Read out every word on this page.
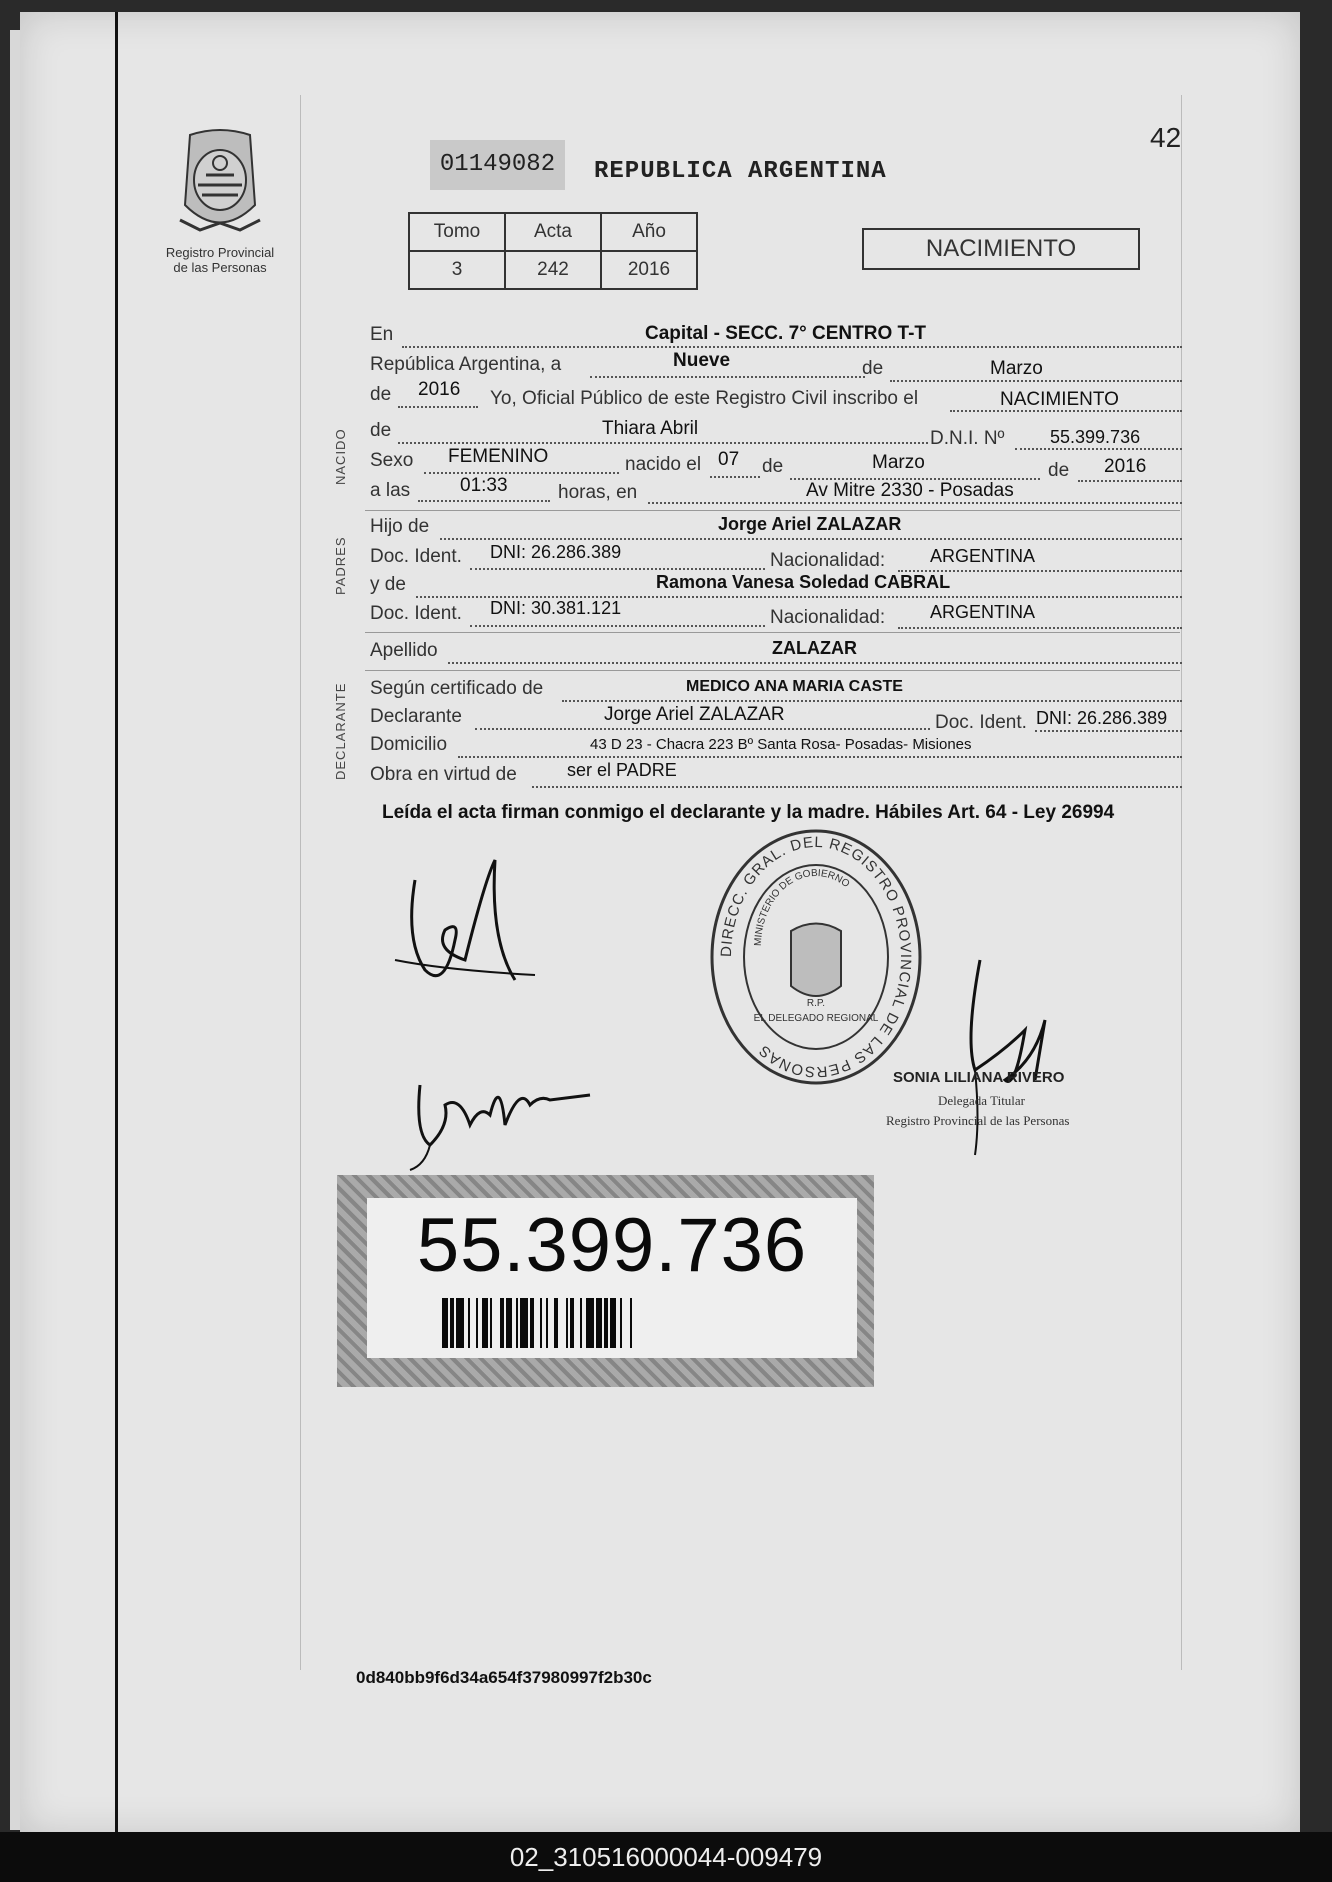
Registro Provincial
de las Personas
42
01149082	REPUBLICA ARGENTINA
Tomo	Acta	Año
3	242	2016
NACIMIENTO
En	Capital - SECC. 7° CENTRO T-T
República Argentina, a	Nueve	de	Marzo
de 2016 Yo, Oficial Público de este Registro Civil inscribo el	NACIMIENTO
NACIDO de	Thiara Abril	D.N.I. Nº	55.399.736
Sexo FEMENINO	nacido el 07 de	Marzo	de 2016
a las	01:33	horas, en	Av Mitre 2330 - Posadas
PADRES
Hijo de	Jorge Ariel ZALAZAR
Doc. Ident. DNI: 26.286.389	Nacionalidad: ARGENTINA
y de	Ramona Vanesa Soledad CABRAL
Doc. Ident. DNI: 30.381.121	Nacionalidad: ARGENTINA
Apellido	ZALAZAR
DECLARANTE Según certificado de	MEDICO ANA MARIA CASTE
Declarante	Jorge Ariel ZALAZAR	Doc. Ident. DNI: 26.286.389
Domicilio	43 D 23 - Chacra 223 Bº Santa Rosa- Posadas- Misiones
Obra en virtud de	ser el PADRE
Leída el acta firman conmigo el declarante y la madre. Hábiles Art. 64 - Ley 26994
DIRECC. GRAL. DEL REGISTRO PROVINCIAL DE LAS PERSONAS
MINISTERIO DE GOBIERNO
EL DELEGADO REGIONAL
R.P.
SONIA LILIANA RIVERO
Delegada Titular
Registro Provincial de las Personas
55.399.736
0d840bb9f6d34a654f37980997f2b30c
02_310516000044-009479
